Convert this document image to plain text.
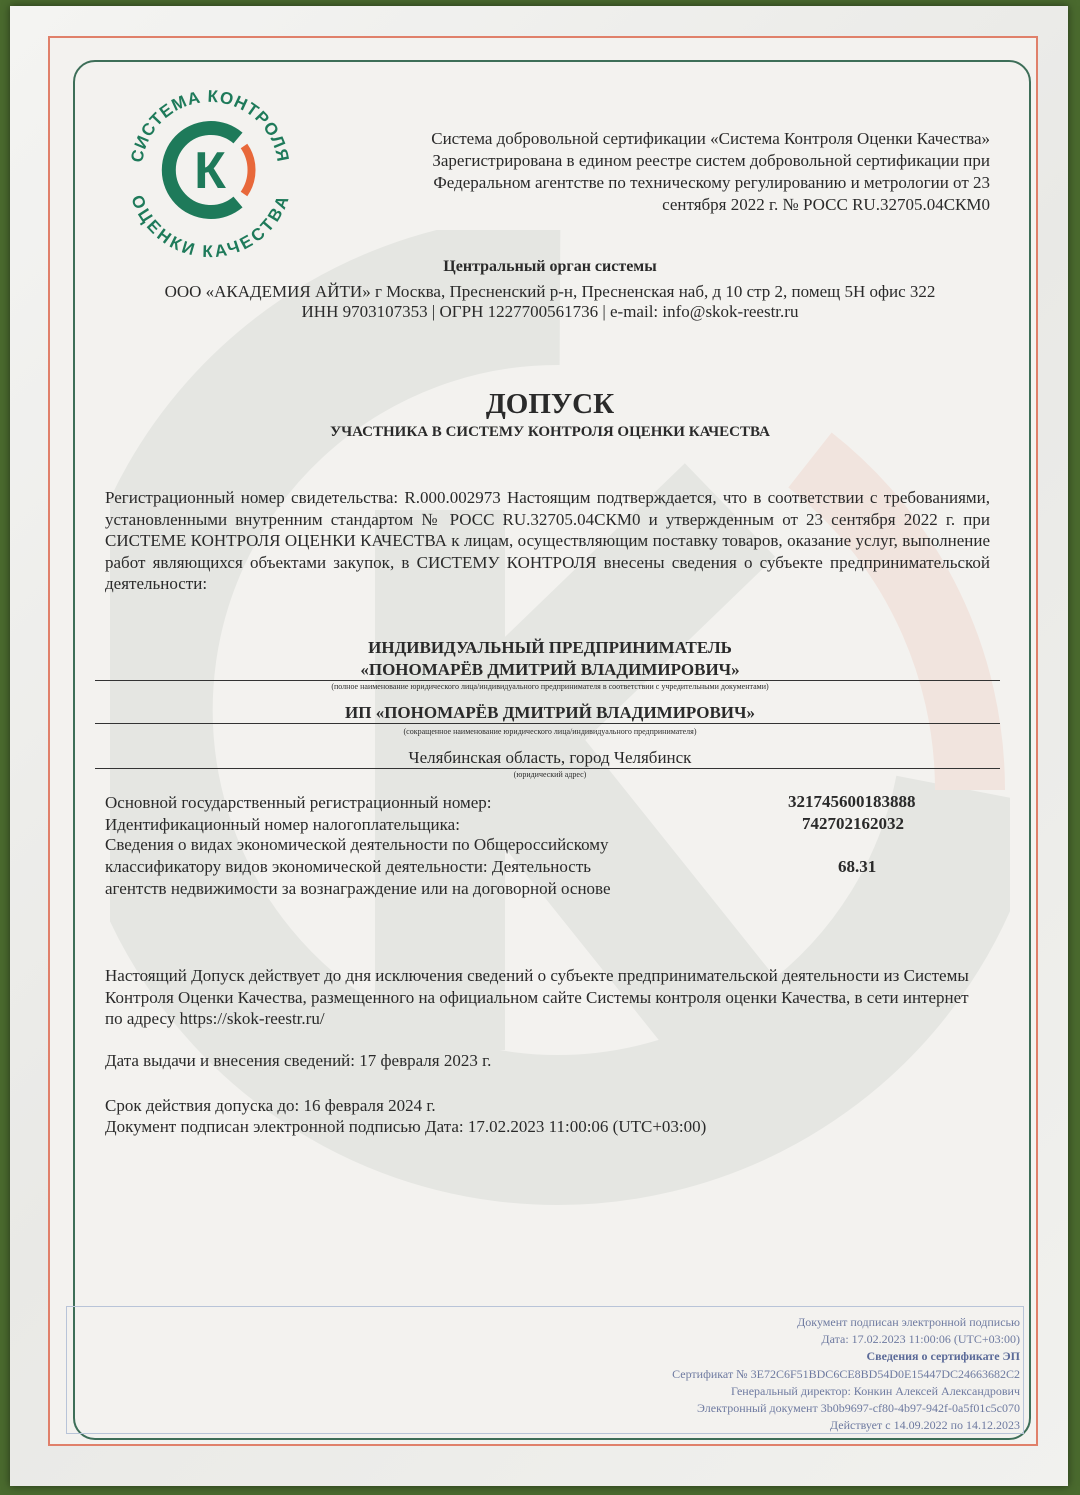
СИСТЕМА КОНТРОЛЯ
ОЦЕНКИ КАЧЕСТВА
К
Система добровольной сертификации «Система Контроля Оценки Качества»
Зарегистрирована в едином реестре систем добровольной сертификации при
Федеральном агентстве по техническому регулированию и метрологии от 23
сентября 2022 г. № РОСС RU.32705.04СКМ0
Центральный орган системы
ООО «АКАДЕМИЯ АЙТИ» г Москва, Пресненский р-н, Пресненская наб, д 10 стр 2, помещ 5Н офис 322
ИНН 9703107353 | ОГРН 1227700561736 | e-mail: info@skok-reestr.ru
ДОПУСК
УЧАСТНИКА В СИСТЕМУ КОНТРОЛЯ ОЦЕНКИ КАЧЕСТВА
Регистрационный номер свидетельства: R.000.002973 Настоящим подтверждается, что в соответствии с требованиями, установленными внутренним стандартом № РОСС RU.32705.04СКМ0 и утвержденным от 23 сентября 2022 г. при СИСТЕМЕ КОНТРОЛЯ ОЦЕНКИ КАЧЕСТВА к лицам, осуществляющим поставку товаров, оказание услуг, выполнение работ являющихся объектами закупок, в СИСТЕМУ КОНТРОЛЯ внесены сведения о субъекте предпринимательской деятельности:
ИНДИВИДУАЛЬНЫЙ ПРЕДПРИНИМАТЕЛЬ
«ПОНОМАРЁВ ДМИТРИЙ ВЛАДИМИРОВИЧ»
(полное наименование юридического лица/индивидуального предпринимателя в соответствии с учредительными документами)
ИП «ПОНОМАРЁВ ДМИТРИЙ ВЛАДИМИРОВИЧ»
(сокращенное наименование юридического лица/индивидуального предпринимателя)
Челябинская область, город Челябинск
(юридический адрес)
Основной государственный регистрационный номер:	321745600183888
Идентификационный номер налогоплательщика:	742702162032
Сведения о видах экономической деятельности по Общероссийскому
классификатору видов экономической деятельности: Деятельность
агентств недвижимости за вознаграждение или на договорной основе
68.31
Настоящий Допуск действует до дня исключения сведений о субъекте предпринимательской деятельности из Системы Контроля Оценки Качества, размещенного на официальном сайте Системы контроля оценки Качества, в сети интернет по адресу https://skok-reestr.ru/
Дата выдачи и внесения сведений: 17 февраля 2023 г.
Срок действия допуска до: 16 февраля 2024 г.
Документ подписан электронной подписью Дата: 17.02.2023 11:00:06 (UTC+03:00)
Документ подписан электронной подписью
Дата: 17.02.2023 11:00:06 (UTC+03:00)
Сведения о сертификате ЭП
Сертификат № 3E72C6F51BDC6CE8BD54D0E15447DC24663682C2
Генеральный директор: Конкин Алексей Александрович
Электронный документ 3b0b9697-cf80-4b97-942f-0a5f01c5c070
Действует с 14.09.2022 по 14.12.2023
